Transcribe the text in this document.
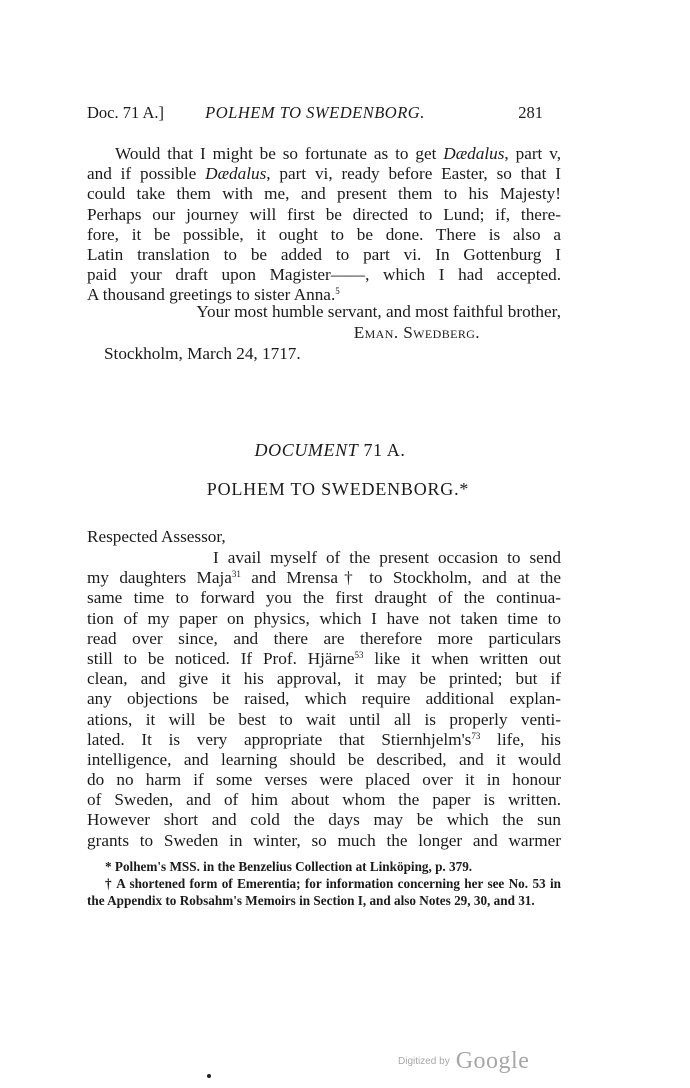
Doc. 71 A.]	POLHEM TO SWEDENBORG.	281
Would that I might be so fortunate as to get Dædalus, part v,
and if possible Dædalus, part vi, ready before Easter, so that I
could take them with me, and present them to his Majesty!
Perhaps our journey will first be directed to Lund; if, there-
fore, it be possible, it ought to be done. There is also a
Latin translation to be added to part vi. In Gottenburg I
paid your draft upon Magister——, which I had accepted.
A thousand greetings to sister Anna.$^5$
Your most humble servant, and most faithful brother,
Eman. Swedberg.
Stockholm, March 24, 1717.
DOCUMENT 71 A.
POLHEM TO SWEDENBORG.*
Respected Assessor,
I avail myself of the present occasion to send
my daughters Maja$^{31}$ and Mrensa† to Stockholm, and at the
same time to forward you the first draught of the continua-
tion of my paper on physics, which I have not taken time to
read over since, and there are therefore more particulars
still to be noticed. If Prof. Hjärne$^{53}$ like it when written out
clean, and give it his approval, it may be printed; but if
any objections be raised, which require additional explan-
ations, it will be best to wait until all is properly venti-
lated. It is very appropriate that $Stiernhjelm's^{73}$ life, his
intelligence, and learning should be described, and it would
do no harm if some verses were placed over it in honour
of Sweden, and of him about whom the paper is written.
However short and cold the days may be which the sun
grants to Sweden in winter, so much the longer and warmer
* Polhem's MSS. in the Benzelius Collection at Linköping, p. 379.
† A shortened form of Emerentia; for information concerning her see No. 53 in the Appendix to Robsahm's Memoirs in Section I, and also Notes 29, 30, and 31.
$^{Digitized by}$ Google
